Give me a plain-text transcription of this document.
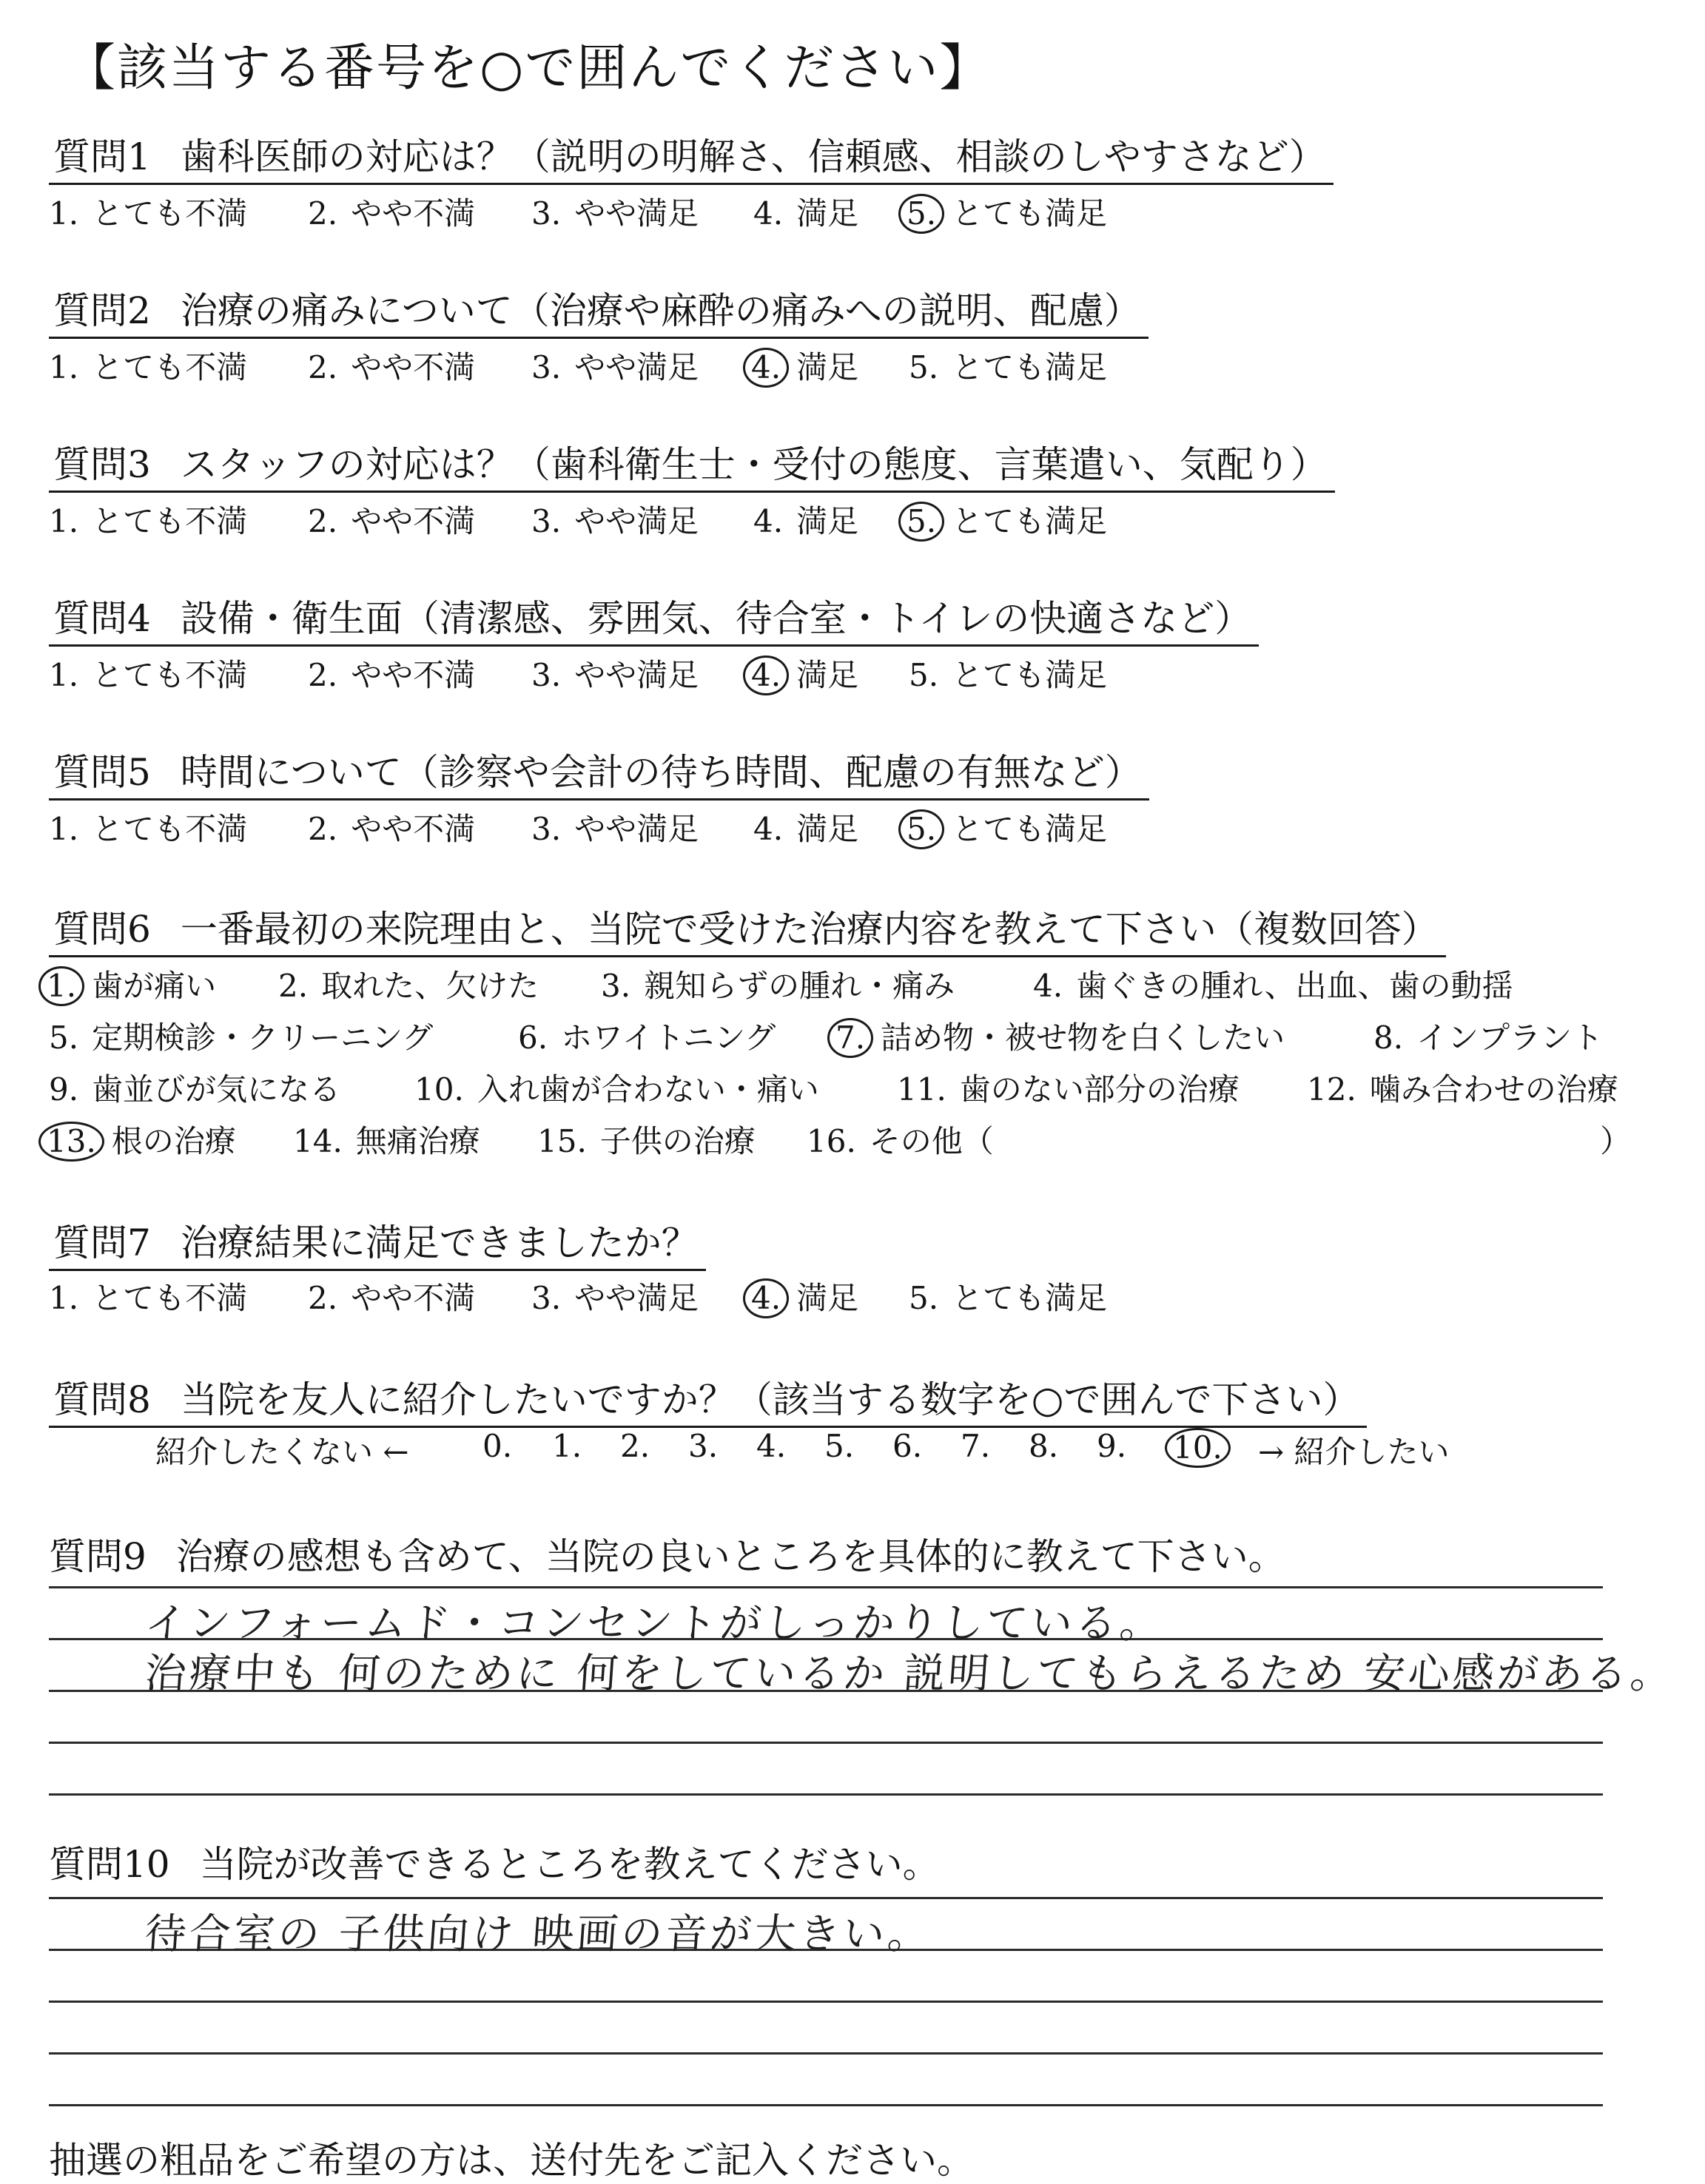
【該当する番号を○で囲んでください】
質問1 歯科医師の対応は？（説明の明解さ、信頼感、相談のしやすさなど）
1. とても不満 2. やや不満 3. やや満足 4. 満足 5. とても満足
質問2 治療の痛みについて（治療や麻酔の痛みへの説明、配慮）
1. とても不満 2. やや不満 3. やや満足 4. 満足 5. とても満足
質問3 スタッフの対応は？（歯科衛生士・受付の態度、言葉遣い、気配り）
1. とても不満 2. やや不満 3. やや満足 4. 満足 5. とても満足
質問4 設備・衛生面（清潔感、雰囲気、待合室・トイレの快適さなど）
1. とても不満 2. やや不満 3. やや満足 4. 満足 5. とても満足
質問5 時間について（診察や会計の待ち時間、配慮の有無など）
1. とても不満 2. やや不満 3. やや満足 4. 満足 5. とても満足
質問6 一番最初の来院理由と、当院で受けた治療内容を教えて下さい（複数回答）
1. 歯が痛い 2. 取れた、欠けた 3. 親知らずの腫れ・痛み	4. 歯ぐきの腫れ、出血、歯の動揺
5. 定期検診・クリーニング	6. ホワイトニング 7. 詰め物・被せ物を白くしたい	8. インプラント
9. 歯並びが気になる 10. 入れ歯が合わない・痛い	11. 歯のない部分の治療 12. 噛み合わせの治療
13. 根の治療 14. 無痛治療 15. 子供の治療 16. その他（	）
質問7 治療結果に満足できましたか？
1. とても不満 2. やや不満 3. やや満足 4. 満足 5. とても満足
質問8 当院を友人に紹介したいですか？（該当する数字を○で囲んで下さい）
紹介したくない ← 0. 1. 2. 3. 4. 5. 6. 7. 8. 9. 10. → 紹介したい
質問9 治療の感想も含めて、当院の良いところを具体的に教えて下さい。
インフォームド・コンセントがしっかりしている。
治療中も 何のために 何をしているか 説明してもらえるため 安心感がある。
質問10 当院が改善できるところを教えてください。
待合室の 子供向け 映画の音が大きい。
抽選の粗品をご希望の方は、送付先をご記入ください。
